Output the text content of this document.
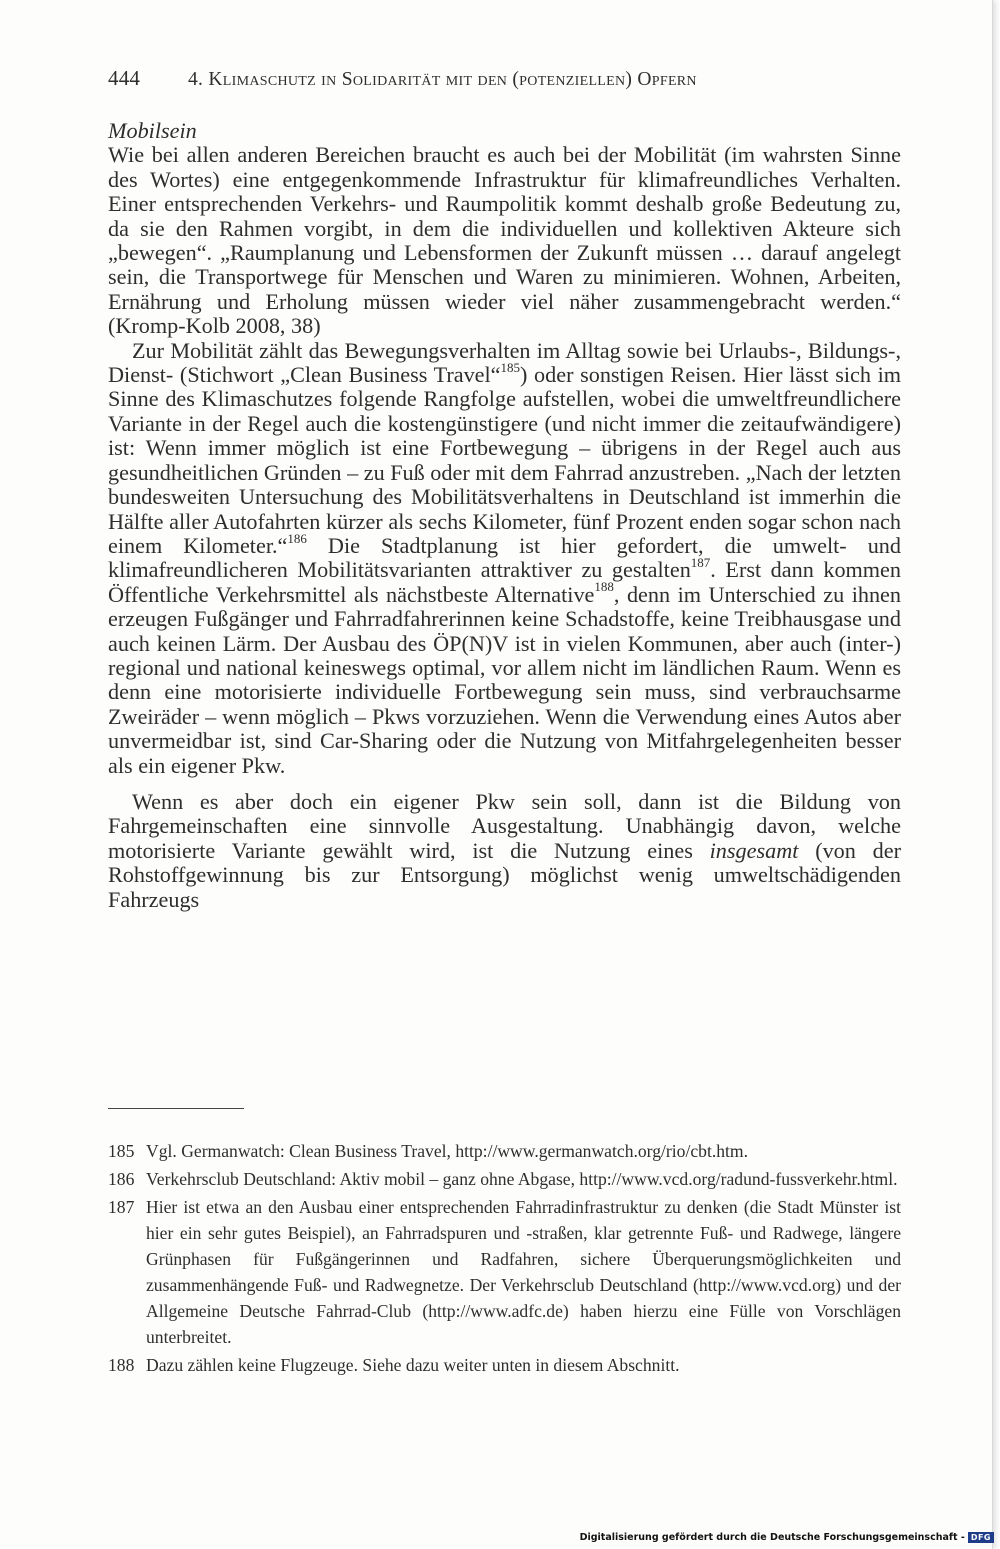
444 4. Klimaschutz in Solidarität mit den (potenziellen) Opfern

Mobilsein

Wie bei allen anderen Bereichen braucht es auch bei der Mobilität (im wahrsten Sinne des Wortes) eine entgegenkommende Infrastruktur für klimafreundliches Verhalten. Einer entsprechenden Verkehrs- und Raumpolitik kommt deshalb große Bedeutung zu, da sie den Rahmen vorgibt, in dem die individuellen und kollektiven Akteure sich „bewegen“. „Raumplanung und Lebensformen der Zukunft müssen … darauf angelegt sein, die Transportwege für Menschen und Waren zu minimieren. Wohnen, Arbeiten, Ernährung und Erholung müssen wieder viel näher zusammengebracht werden.“ (Kromp-Kolb 2008, 38)

Zur Mobilität zählt das Bewegungsverhalten im Alltag sowie bei Urlaubs-, Bildungs-, Dienst- (Stichwort „Clean Business Travel“$^{185}$) oder sonstigen Reisen. Hier lässt sich im Sinne des Klimaschutzes folgende Rangfolge aufstellen, wobei die umweltfreundlichere Variante in der Regel auch die kostengünstigere (und nicht immer die zeitaufwändigere) ist: Wenn immer möglich ist eine Fortbewegung – übrigens in der Regel auch aus gesundheitlichen Gründen – zu Fuß oder mit dem Fahrrad anzustreben. „Nach der letzten bundesweiten Untersuchung des Mobilitätsverhaltens in Deutschland ist immerhin die Hälfte aller Autofahrten kürzer als sechs Kilometer, fünf Prozent enden sogar schon nach einem Kilometer.“$^{186}$ Die Stadtplanung ist hier gefordert, die umwelt- und klimafreundlicheren Mobilitätsvarianten attraktiver zu gestalten$^{187}$. Erst dann kommen Öffentliche Verkehrsmittel als nächstbeste Alternative$^{188}$, denn im Unterschied zu ihnen erzeugen Fußgänger und Fahrradfahrerinnen keine Schadstoffe, keine Treibhausgase und auch keinen Lärm. Der Ausbau des ÖP(N)V ist in vielen Kommunen, aber auch (inter-) regional und national keineswegs optimal, vor allem nicht im ländlichen Raum. Wenn es denn eine motorisierte individuelle Fortbewegung sein muss, sind verbrauchsarme Zweiräder – wenn möglich – Pkws vorzuziehen. Wenn die Verwendung eines Autos aber unvermeidbar ist, sind Car-Sharing oder die Nutzung von Mitfahrgelegenheiten besser als ein eigener Pkw.

Wenn es aber doch ein eigener Pkw sein soll, dann ist die Bildung von Fahrgemeinschaften eine sinnvolle Ausgestaltung. Unabhängig davon, welche motorisierte Variante gewählt wird, ist die Nutzung eines insgesamt (von der Rohstoffgewinnung bis zur Entsorgung) möglichst wenig umweltschädigenden Fahrzeugs

185 Vgl. Germanwatch: Clean Business Travel, http://www.germanwatch.org/rio/cbt.htm.
186 Verkehrsclub Deutschland: Aktiv mobil – ganz ohne Abgase, http://www.vcd.org/radund-fussverkehr.html.
187 Hier ist etwa an den Ausbau einer entsprechenden Fahrradinfrastruktur zu denken (die Stadt Münster ist hier ein sehr gutes Beispiel), an Fahrradspuren und -straßen, klar getrennte Fuß- und Radwege, längere Grünphasen für Fußgängerinnen und Radfahren, sichere Überquerungsmöglichkeiten und zusammenhängende Fuß- und Radwegnetze. Der Verkehrsclub Deutschland (http://www.vcd.org) und der Allgemeine Deutsche Fahrrad-Club (http://www.adfc.de) haben hierzu eine Fülle von Vorschlägen unterbreitet.
188 Dazu zählen keine Flugzeuge. Siehe dazu weiter unten in diesem Abschnitt.
Digitalisierung gefördert durch die Deutsche Forschungsgemeinschaft - DFG
